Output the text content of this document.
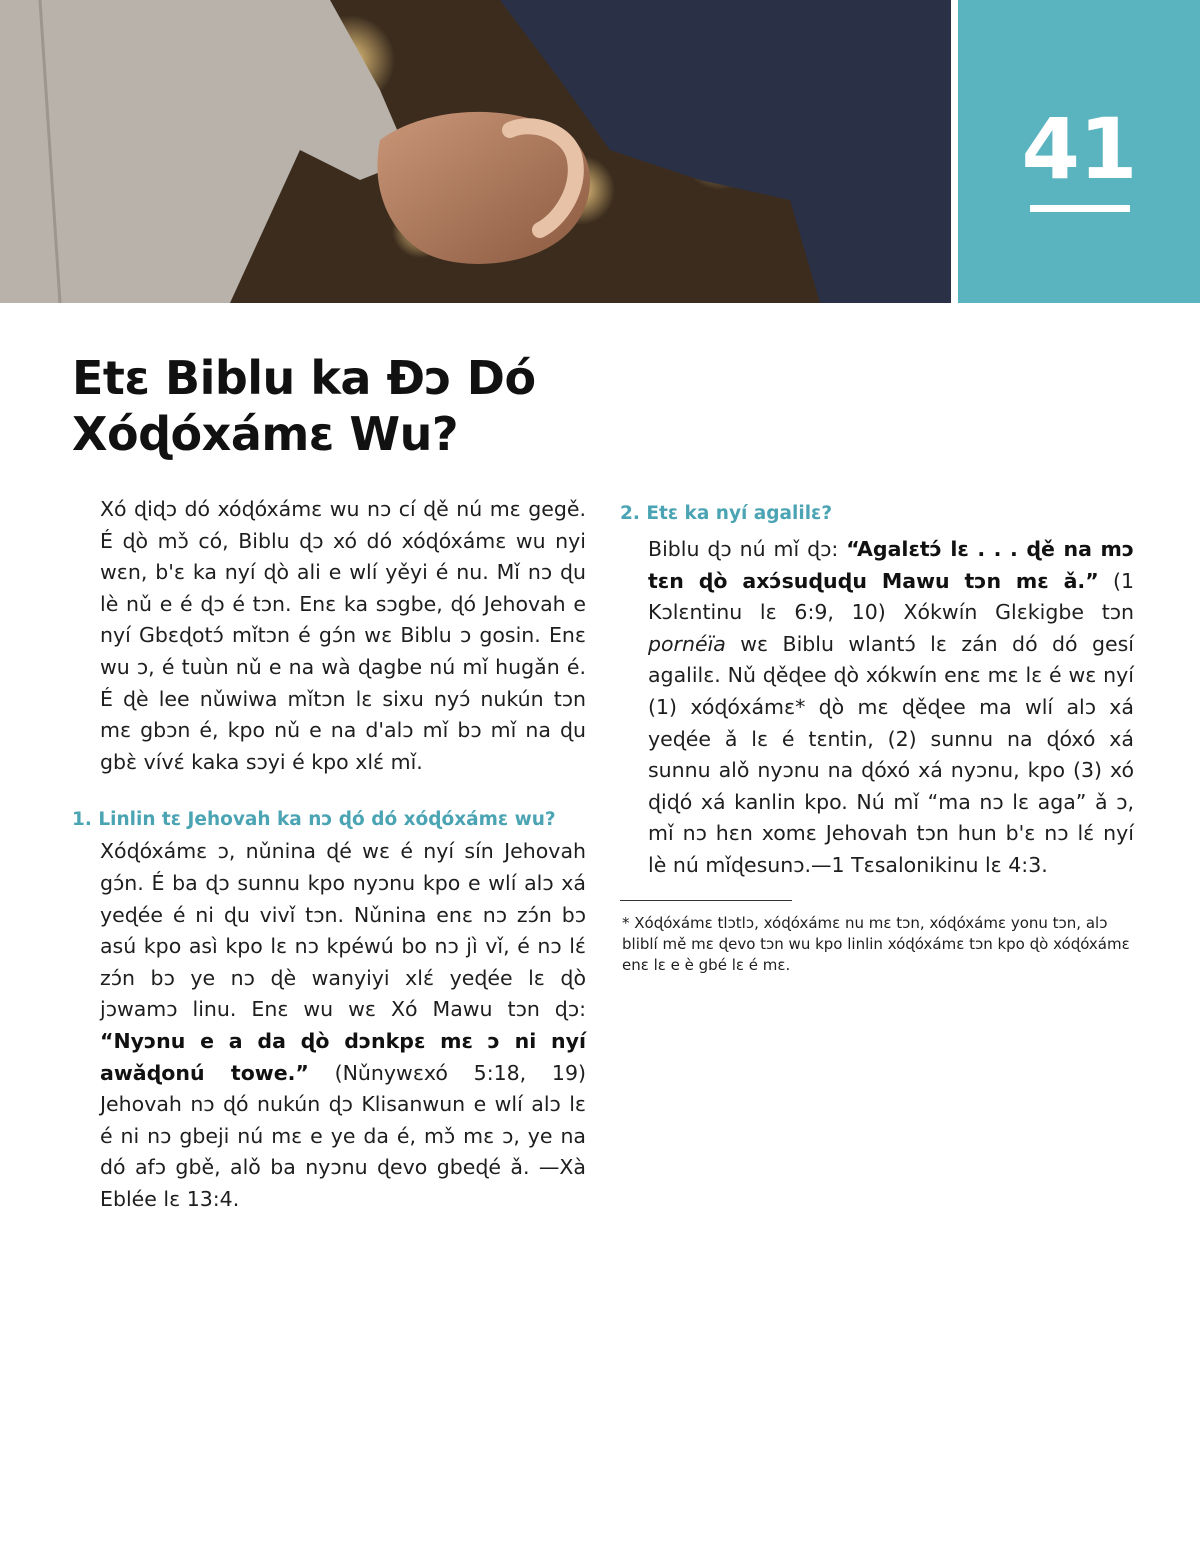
41
Etɛ Biblu ka Ɖɔ Dó
Xóɖóxámɛ Wu?

Xó ɖiɖɔ dó xóɖóxámɛ wu nɔ cí ɖě nú mɛ gegě. É ɖò mɔ̌ có, Biblu ɖɔ xó dó xóɖóxámɛ wu nyi wɛn, b'ɛ ka nyí ɖò ali e wlí yěyi é nu. Mǐ nɔ ɖu lè nǔ e é ɖɔ é tɔn. Enɛ ka sɔgbe, ɖó Jehovah e nyí Gbɛɖotɔ́ mǐtɔn é gɔ́n wɛ Biblu ɔ gosin. Enɛ wu ɔ, é tuùn nǔ e na wà ɖagbe nú mǐ hugǎn é. É ɖè lee nǔwiwa mǐtɔn lɛ sixu nyɔ́ nukún tɔn mɛ gbɔn é, kpo nǔ e na d'alɔ mǐ bɔ mǐ na ɖu gbɛ̀ vívɛ́ kaka sɔyi é kpo xlɛ́ mǐ.

1. Linlin tɛ Jehovah ka nɔ ɖó dó xóɖóxámɛ wu?

Xóɖóxámɛ ɔ, nǔnina ɖé wɛ é nyí sín Jehovah gɔ́n. É ba ɖɔ sunnu kpo nyɔnu kpo e wlí alɔ xá yeɖée é ni ɖu vivǐ tɔn. Nǔnina enɛ nɔ zɔ́n bɔ asú kpo asì kpo lɛ nɔ kpéwú bo nɔ jì vǐ, é nɔ lɛ́ zɔ́n bɔ ye nɔ ɖè wanyiyi xlɛ́ yeɖée lɛ ɖò jɔwamɔ linu. Enɛ wu wɛ Xó Mawu tɔn ɖɔ: “Nyɔnu e a da ɖò dɔnkpɛ mɛ ɔ ni nyí awǎɖonú towe.” (Nǔnywɛxó 5:18, 19) Jehovah nɔ ɖó nukún ɖɔ Klisanwun e wlí alɔ lɛ é ni nɔ gbeji nú mɛ e ye da é, mɔ̌ mɛ ɔ, ye na dó afɔ gbě, alǒ ba nyɔnu ɖevo gbeɖé ǎ. —Xà Eblée lɛ 13:4.

2. Etɛ ka nyí agalilɛ?

Biblu ɖɔ nú mǐ ɖɔ: “Agalɛtɔ́ lɛ . . . ɖě na mɔ tɛn ɖò axɔ́suɖuɖu Mawu tɔn mɛ ǎ.” (1 Kɔlɛntinu lɛ 6:9, 10) Xókwín Glɛkigbe tɔn pornéïa wɛ Biblu wlantɔ́ lɛ zán dó dó gesí agalilɛ. Nǔ ɖěɖee ɖò xókwín enɛ mɛ lɛ é wɛ nyí (1) xóɖóxámɛ* ɖò mɛ ɖěɖee ma wlí alɔ xá yeɖée ǎ lɛ é tɛntin, (2) sunnu na ɖóxó xá sunnu alǒ nyɔnu na ɖóxó xá nyɔnu, kpo (3) xó ɖiɖó xá kanlin kpo. Nú mǐ “ma nɔ lɛ aga” ǎ ɔ, mǐ nɔ hɛn xomɛ Jehovah tɔn hun b'ɛ nɔ lɛ́ nyí lè nú mǐɖesunɔ.—1 Tɛsalonikinu lɛ 4:3.

* Xóɖóxámɛ tlɔtlɔ, xóɖóxámɛ nu mɛ tɔn, xóɖóxámɛ yonu tɔn, alɔ bliblí mě mɛ ɖevo tɔn wu kpo linlin xóɖóxámɛ tɔn kpo ɖò xóɖóxámɛ enɛ lɛ e è gbé lɛ é mɛ.
